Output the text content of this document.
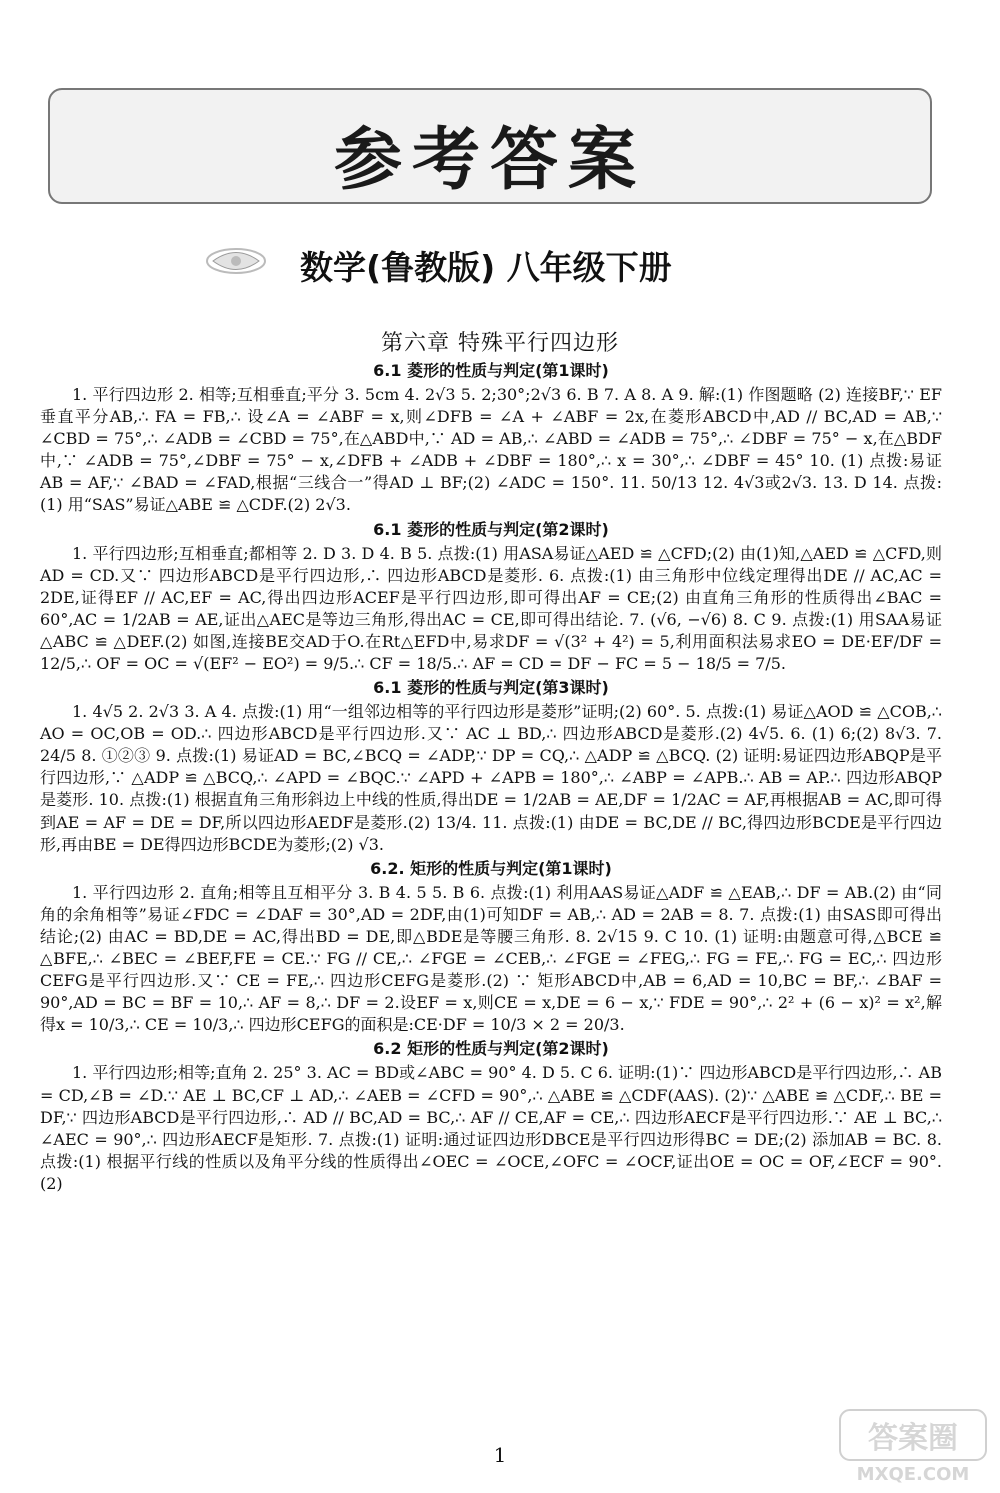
参考答案
数学(鲁教版) 八年级下册
第六章 特殊平行四边形
6.1 菱形的性质与判定(第1课时)

1. 平行四边形 2. 相等;互相垂直;平分 3. 5cm 4. 2√3 5. 2;30°;2√3 6. B 7. A 8. A 9. 解:(1) 作图题略 (2) 连接BF,∵ EF垂直平分AB,∴ FA = FB,∴ 设∠A = ∠ABF = x,则∠DFB = ∠A + ∠ABF = 2x,在菱形ABCD中,AD // BC,AD = AB,∵ ∠CBD = 75°,∴ ∠ADB = ∠CBD = 75°,在△ABD中,∵ AD = AB,∴ ∠ABD = ∠ADB = 75°,∴ ∠DBF = 75° − x,在△BDF中,∵ ∠ADB = 75°,∠DBF = 75° − x,∠DFB + ∠ADB + ∠DBF = 180°,∴ x = 30°,∴ ∠DBF = 45° 10. (1) 点拨:易证AB = AF,∵ ∠BAD = ∠FAD,根据“三线合一”得AD ⊥ BF;(2) ∠ADC = 150°. 11. 50/13 12. 4√3或2√3. 13. D 14. 点拨:(1) 用“SAS”易证△ABE ≌ △CDF.(2) 2√3.

6.1 菱形的性质与判定(第2课时)

1. 平行四边形;互相垂直;都相等 2. D 3. D 4. B 5. 点拨:(1) 用ASA易证△AED ≌ △CFD;(2) 由(1)知,△AED ≌ △CFD,则AD = CD.又∵ 四边形ABCD是平行四边形,∴ 四边形ABCD是菱形. 6. 点拨:(1) 由三角形中位线定理得出DE // AC,AC = 2DE,证得EF // AC,EF = AC,得出四边形ACEF是平行四边形,即可得出AF = CE;(2) 由直角三角形的性质得出∠BAC = 60°,AC = 1/2AB = AE,证出△AEC是等边三角形,得出AC = CE,即可得出结论. 7. (√6, −√6) 8. C 9. 点拨:(1) 用SAA易证△ABC ≌ △DEF.(2) 如图,连接BE交AD于O.在Rt△EFD中,易求DF = √(3² + 4²) = 5,利用面积法易求EO = DE·EF/DF = 12/5,∴ OF = OC = √(EF² − EO²) = 9/5.∴ CF = 18/5.∴ AF = CD = DF − FC = 5 − 18/5 = 7/5.

6.1 菱形的性质与判定(第3课时)

1. 4√5 2. 2√3 3. A 4. 点拨:(1) 用“一组邻边相等的平行四边形是菱形”证明;(2) 60°. 5. 点拨:(1) 易证△AOD ≌ △COB,∴ AO = OC,OB = OD.∴ 四边形ABCD是平行四边形.又∵ AC ⊥ BD,∴ 四边形ABCD是菱形.(2) 4√5. 6. (1) 6;(2) 8√3. 7. 24/5 8. ①②③ 9. 点拨:(1) 易证AD = BC,∠BCQ = ∠ADP,∵ DP = CQ,∴ △ADP ≌ △BCQ. (2) 证明:易证四边形ABQP是平行四边形,∵ △ADP ≌ △BCQ,∴ ∠APD = ∠BQC.∵ ∠APD + ∠APB = 180°,∴ ∠ABP = ∠APB.∴ AB = AP.∴ 四边形ABQP是菱形. 10. 点拨:(1) 根据直角三角形斜边上中线的性质,得出DE = 1/2AB = AE,DF = 1/2AC = AF,再根据AB = AC,即可得到AE = AF = DE = DF,所以四边形AEDF是菱形.(2) 13/4. 11. 点拨:(1) 由DE = BC,DE // BC,得四边形BCDE是平行四边形,再由BE = DE得四边形BCDE为菱形;(2) √3.

6.2. 矩形的性质与判定(第1课时)

1. 平行四边形 2. 直角;相等且互相平分 3. B 4. 5 5. B 6. 点拨:(1) 利用AAS易证△ADF ≌ △EAB,∴ DF = AB.(2) 由“同角的余角相等”易证∠FDC = ∠DAF = 30°,AD = 2DF,由(1)可知DF = AB,∴ AD = 2AB = 8. 7. 点拨:(1) 由SAS即可得出结论;(2) 由AC = BD,DE = AC,得出BD = DE,即△BDE是等腰三角形. 8. 2√15 9. C 10. (1) 证明:由题意可得,△BCE ≌ △BFE,∴ ∠BEC = ∠BEF,FE = CE.∵ FG // CE,∴ ∠FGE = ∠CEB,∴ ∠FGE = ∠FEG,∴ FG = FE,∴ FG = EC,∴ 四边形CEFG是平行四边形.又∵ CE = FE,∴ 四边形CEFG是菱形.(2) ∵ 矩形ABCD中,AB = 6,AD = 10,BC = BF,∴ ∠BAF = 90°,AD = BC = BF = 10,∴ AF = 8,∴ DF = 2.设EF = x,则CE = x,DE = 6 − x,∵ FDE = 90°,∴ 2² + (6 − x)² = x²,解得x = 10/3,∴ CE = 10/3,∴ 四边形CEFG的面积是:CE·DF = 10/3 × 2 = 20/3.

6.2 矩形的性质与判定(第2课时)

1. 平行四边形;相等;直角 2. 25° 3. AC = BD或∠ABC = 90° 4. D 5. C 6. 证明:(1)∵ 四边形ABCD是平行四边形,∴ AB = CD,∠B = ∠D.∵ AE ⊥ BC,CF ⊥ AD,∴ ∠AEB = ∠CFD = 90°,∴ △ABE ≌ △CDF(AAS). (2)∵ △ABE ≌ △CDF,∴ BE = DF,∵ 四边形ABCD是平行四边形,∴ AD // BC,AD = BC,∴ AF // CE,AF = CE,∴ 四边形AECF是平行四边形.∵ AE ⊥ BC,∴ ∠AEC = 90°,∴ 四边形AECF是矩形. 7. 点拨:(1) 证明:通过证四边形DBCE是平行四边形得BC = DE;(2) 添加AB = BC. 8. 点拨:(1) 根据平行线的性质以及角平分线的性质得出∠OEC = ∠OCE,∠OFC = ∠OCF,证出OE = OC = OF,∠ECF = 90°.(2)

1	答案圈
MXQE.COM
